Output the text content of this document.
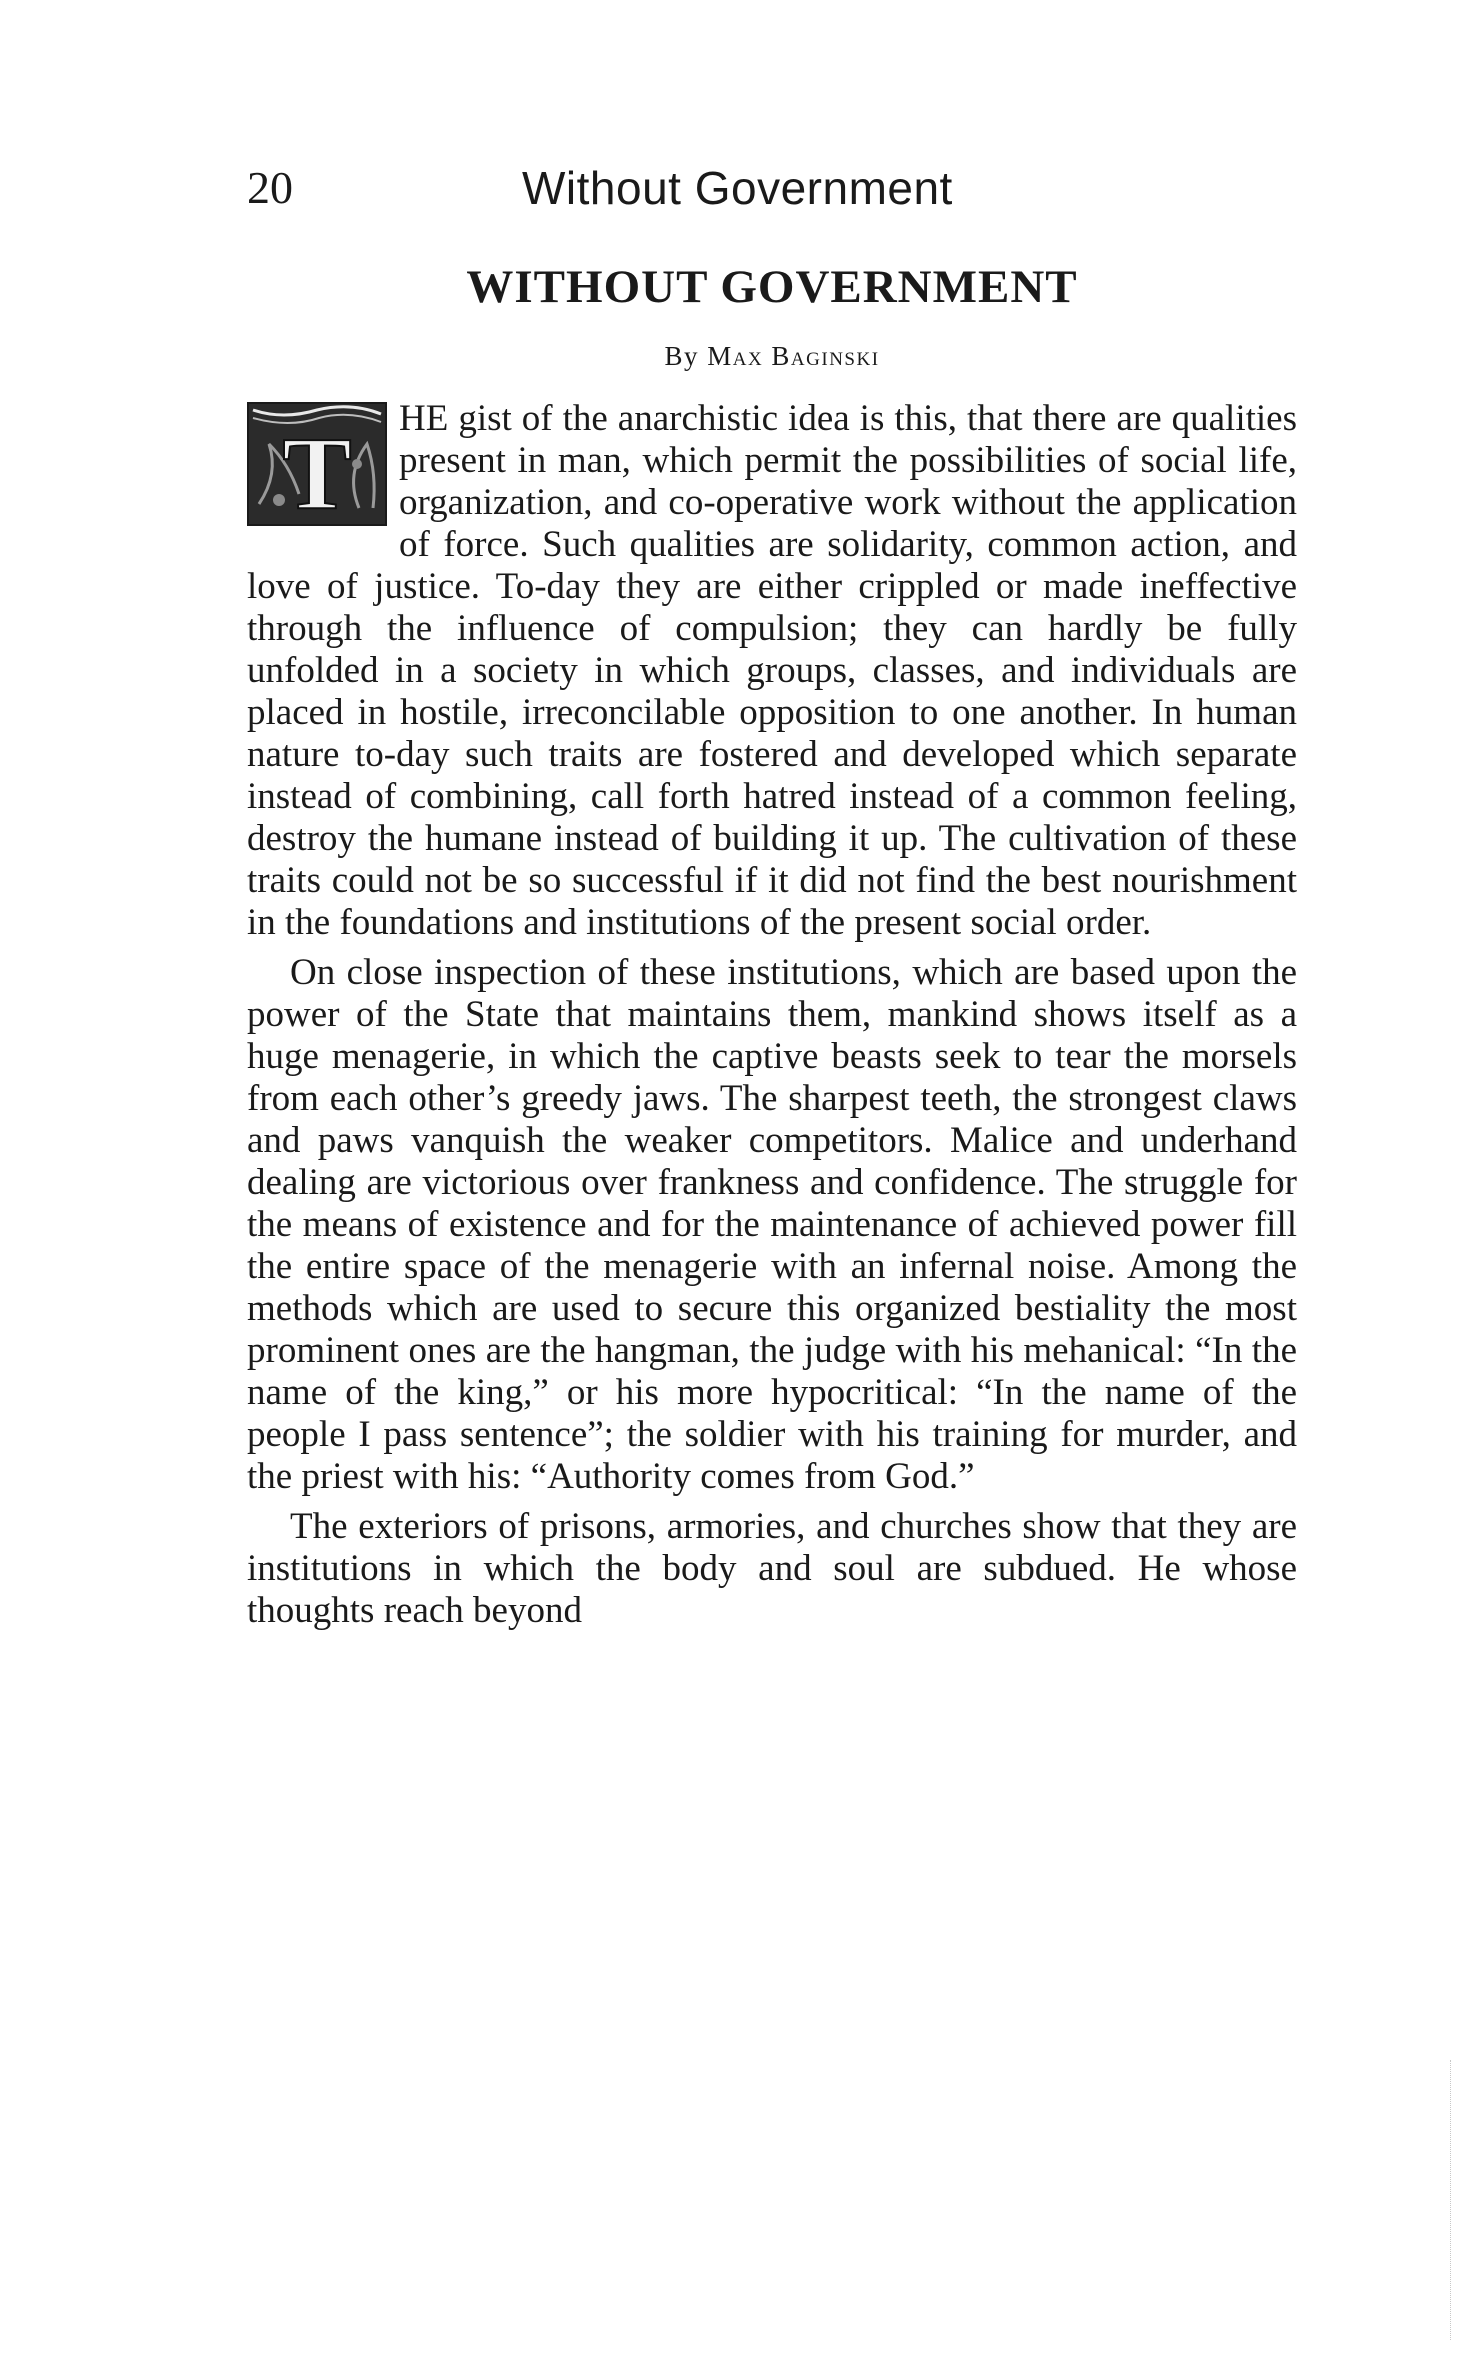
20	Without Government
WITHOUT GOVERNMENT
By Max Baginski

T HE gist of the anarchistic idea is this, that there are qualities present in man, which permit the possibilities of social life, organization, and co-operative work without the application of force. Such qualities are solidarity, common action, and love of justice. To-day they are either crippled or made ineffective through the influence of compulsion; they can hardly be fully unfolded in a society in which groups, classes, and individuals are placed in hostile, irreconcilable opposition to one another. In human nature to-day such traits are fostered and developed which separate instead of combining, call forth hatred instead of a common feeling, destroy the humane instead of building it up. The cultivation of these traits could not be so successful if it did not find the best nourishment in the foundations and institutions of the present social order.

On close inspection of these institutions, which are based upon the power of the State that maintains them, mankind shows itself as a huge menagerie, in which the captive beasts seek to tear the morsels from each other’s greedy jaws. The sharpest teeth, the strongest claws and paws vanquish the weaker competitors. Malice and underhand dealing are victorious over frankness and confidence. The struggle for the means of existence and for the maintenance of achieved power fill the entire space of the menagerie with an infernal noise. Among the methods which are used to secure this organized bestiality the most prominent ones are the hangman, the judge with his mehanical: “In the name of the king,” or his more hypocritical: “In the name of the people I pass sentence”; the soldier with his training for murder, and the priest with his: “Authority comes from God.”

The exteriors of prisons, armories, and churches show that they are institutions in which the body and soul are subdued. He whose thoughts reach beyond
